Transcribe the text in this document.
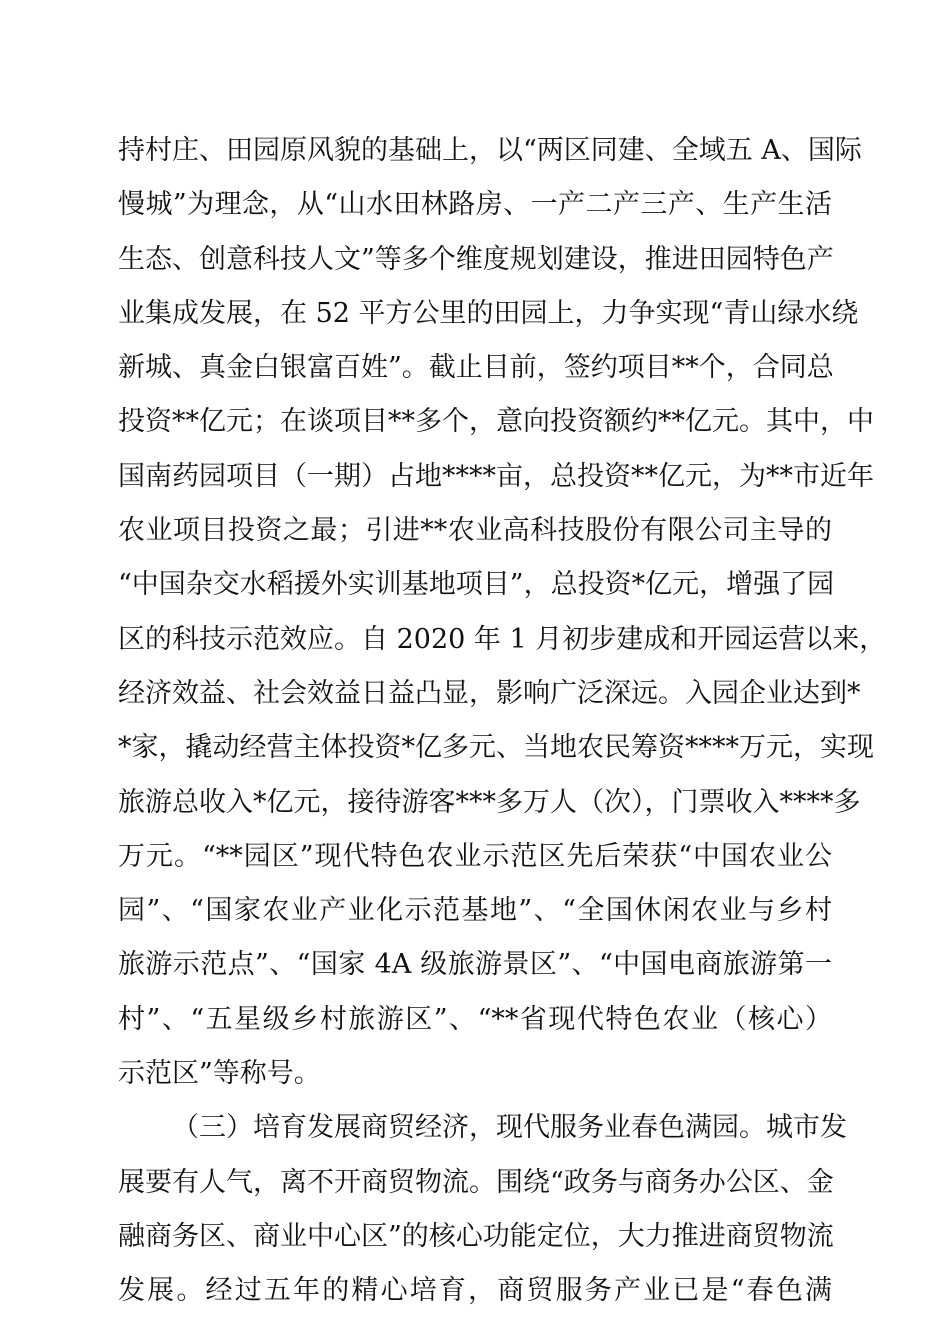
持村庄、田园原风貌的基础上，以“两区同建、全域五 A、国际
慢城”为理念，从“山水田林路房、一产二产三产、生产生活
生态、创意科技人文”等多个维度规划建设，推进田园特色产
业集成发展，在 52 平方公里的田园上，力争实现“青山绿水绕
新城、真金白银富百姓”。截止目前，签约项目**个，合同总
投资**亿元；在谈项目**多个，意向投资额约**亿元。其中，中
国南药园项目（一期）占地****亩，总投资**亿元，为**市近年
农业项目投资之最；引进**农业高科技股份有限公司主导的
“中国杂交水稻援外实训基地项目”，总投资*亿元，增强了园
区的科技示范效应。自 2020 年 1 月初步建成和开园运营以来，
经济效益、社会效益日益凸显，影响广泛深远。入园企业达到*
*家，撬动经营主体投资*亿多元、当地农民筹资****万元，实现
旅游总收入*亿元，接待游客***多万人（次），门票收入****多
万元。“**园区”现代特色农业示范区先后荣获“中国农业公
园”、“国家农业产业化示范基地”、“全国休闲农业与乡村
旅游示范点”、“国家 4A 级旅游景区”、“中国电商旅游第一
村”、“五星级乡村旅游区”、“**省现代特色农业（核心）
示范区”等称号。
（三）培育发展商贸经济，现代服务业春色满园。城市发
展要有人气，离不开商贸物流。围绕“政务与商务办公区、金
融商务区、商业中心区”的核心功能定位，大力推进商贸物流
发展。经过五年的精心培育，商贸服务产业已是“春色满
